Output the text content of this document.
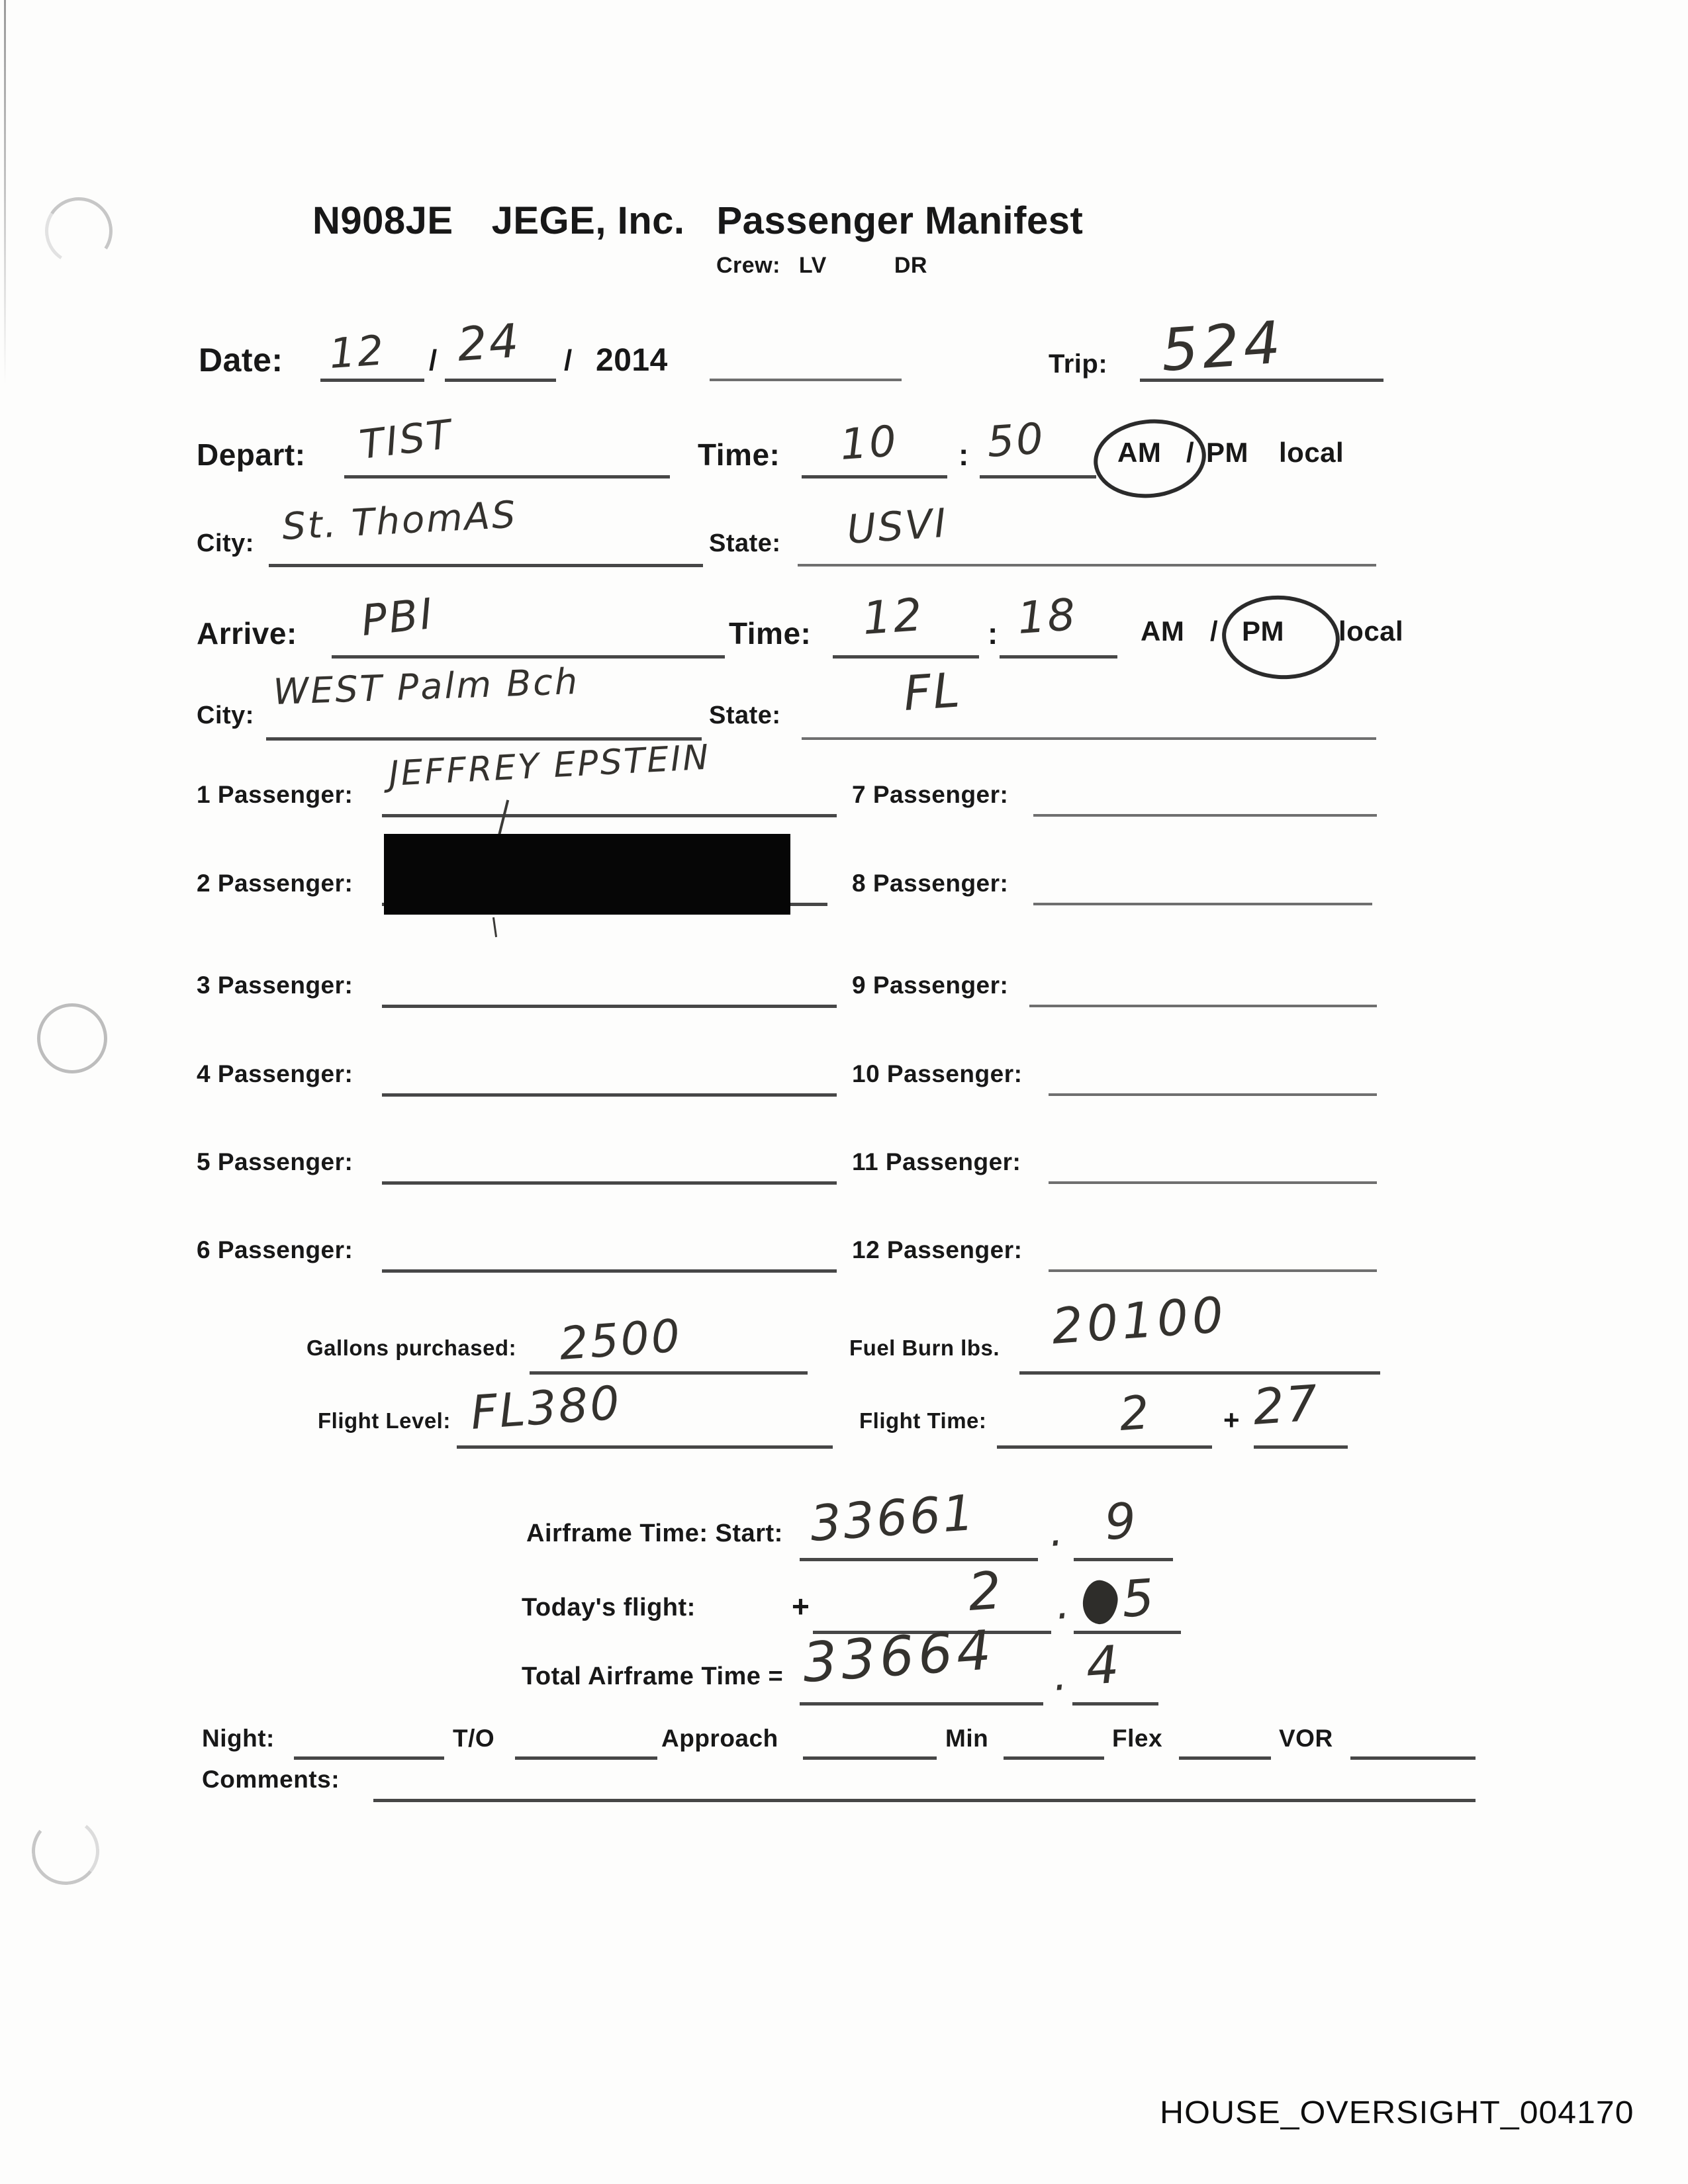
N908JE JEGE, Inc. Passenger Manifest
Crew: LV	DR
Date: 12 / 24 / 2014	Trip: 524
Depart: TIST	Time: 10 : 50	AM / PM local
City: St. ThomAS	State: USVI
Arrive: PBI	Time: 12 : 18 AM / PM local
City:
WEST Palm Bch
State:	FL
1 Passenger:
JEFFREY EPSTEIN
2 Passenger:
3 Passenger:
4 Passenger:
5 Passenger:
6 Passenger:
7 Passenger:
8 Passenger:
9 Passenger:
10 Passenger:
11 Passenger:
12 Passenger:
Gallons purchased: 2500	Fuel Burn lbs. 20100
Flight Level: FL380	Flight Time:	2	+ 27
Airframe Time: Start: 33661 . 9
Today's flight:	+	2 . 5
Total Airframe Time = 33664 . 4
Night:	T/O	Approach	Min	Flex	VOR
Comments:
HOUSE_OVERSIGHT_004170
